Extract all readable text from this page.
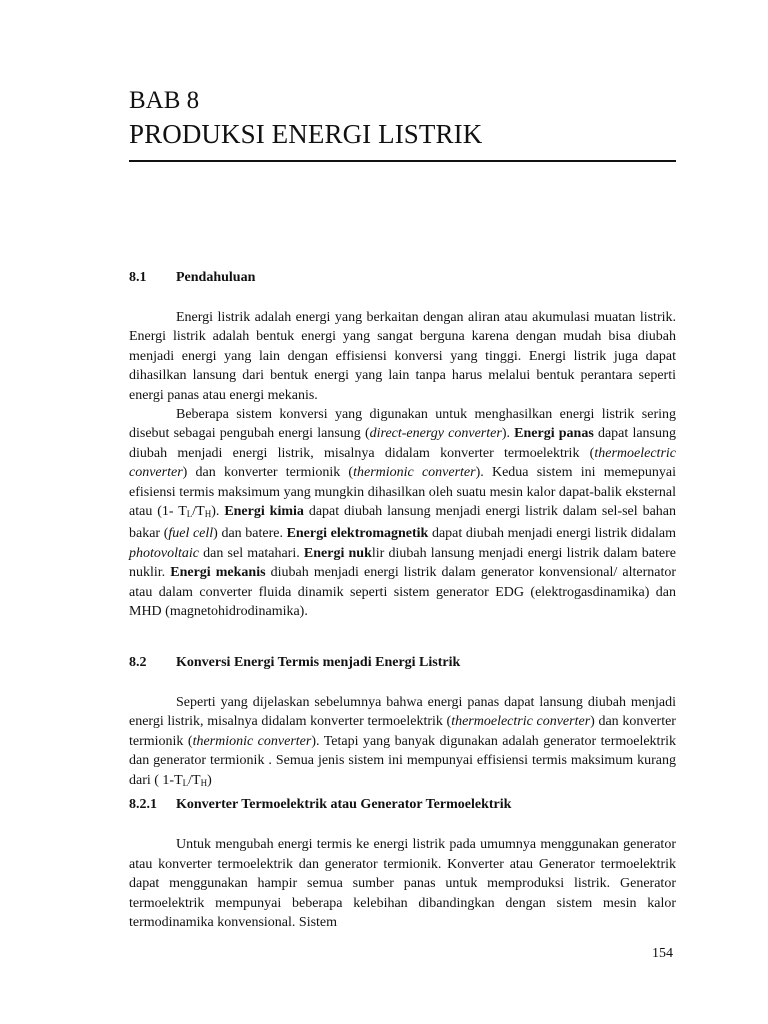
BAB 8
PRODUKSI ENERGI LISTRIK
8.1 Pendahuluan

Energi listrik adalah energi yang berkaitan dengan aliran atau akumulasi muatan listrik. Energi listrik adalah bentuk energi yang sangat berguna karena dengan mudah bisa diubah menjadi energi yang lain dengan effisiensi konversi yang tinggi. Energi listrik juga dapat dihasilkan lansung dari bentuk energi yang lain tanpa harus melalui bentuk perantara seperti energi panas atau energi mekanis.

Beberapa sistem konversi yang digunakan untuk menghasilkan energi listrik sering disebut sebagai pengubah energi lansung (direct-energy converter). Energi panas dapat lansung diubah menjadi energi listrik, misalnya didalam konverter termoelektrik (thermoelectric converter) dan konverter termionik (thermionic converter). Kedua sistem ini memepunyai efisiensi termis maksimum yang mungkin dihasilkan oleh suatu mesin kalor dapat-balik eksternal atau (1- $T_L/T_H$). Energi kimia dapat diubah lansung menjadi energi listrik dalam sel-sel bahan bakar (fuel cell) dan batere. Energi elektromagnetik dapat diubah menjadi energi listrik didalam photovoltaic dan sel matahari. Energi nuklir diubah lansung menjadi energi listrik dalam batere nuklir. Energi mekanis diubah menjadi energi listrik dalam generator konvensional/ alternator atau dalam converter fluida dinamik seperti sistem generator EDG (elektrogasdinamika) dan MHD (magnetohidrodinamika).

8.2 Konversi Energi Termis menjadi Energi Listrik

Seperti yang dijelaskan sebelumnya bahwa energi panas dapat lansung diubah menjadi energi listrik, misalnya didalam konverter termoelektrik (thermoelectric converter) dan konverter termionik (thermionic converter). Tetapi yang banyak digunakan adalah generator termoelektrik dan generator termionik . Semua jenis sistem ini mempunyai effisiensi termis maksimum kurang dari ( $1-T_L/T_H$)

8.2.1 Konverter Termoelektrik atau Generator Termoelektrik

Untuk mengubah energi termis ke energi listrik pada umumnya menggunakan generator atau konverter termoelektrik dan generator termionik. Konverter atau Generator termoelektrik dapat menggunakan hampir semua sumber panas untuk memproduksi listrik. Generator termoelektrik mempunyai beberapa kelebihan dibandingkan dengan sistem mesin kalor termodinamika konvensional. Sistem

154
